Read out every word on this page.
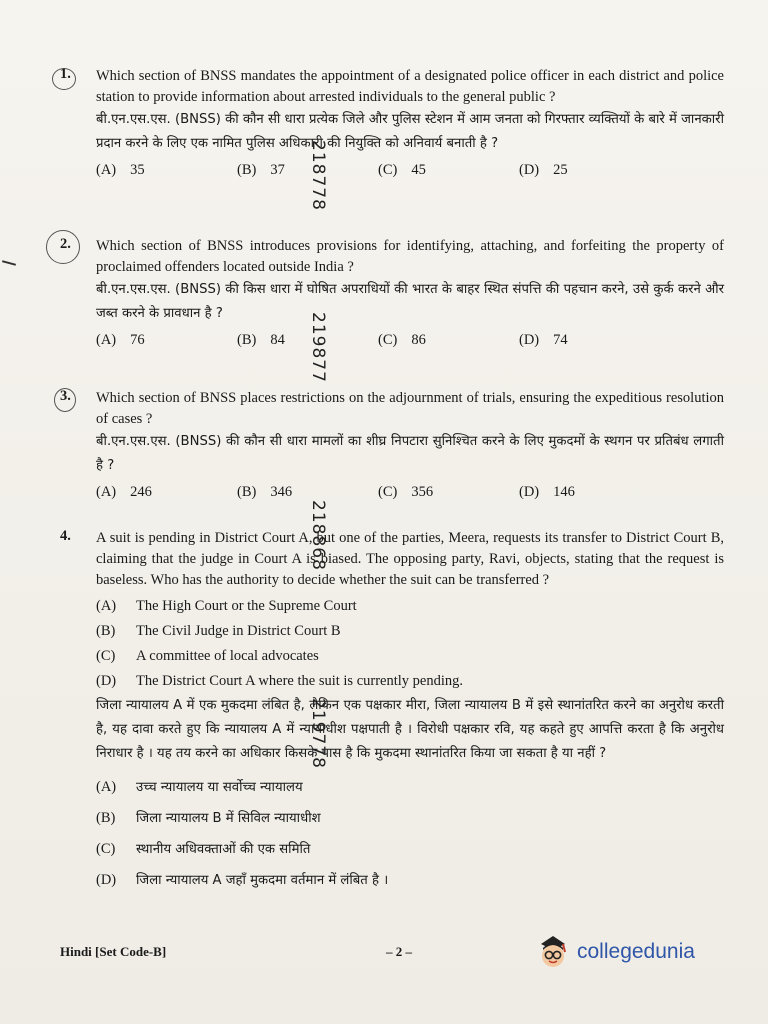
1. Which section of BNSS mandates the appointment of a designated police officer in each district and police station to provide information about arrested individuals to the general public ?
बी.एन.एस.एस. (BNSS) की कौन सी धारा प्रत्येक जिले और पुलिस स्टेशन में आम जनता को गिरफ्तार व्यक्तियों के बारे में जानकारी प्रदान करने के लिए एक नामित पुलिस अधिकारी की नियुक्ति को अनिवार्य बनाती है ?
(A) 35	(B) 37	(C) 45	(D) 25
2. Which section of BNSS introduces provisions for identifying, attaching, and forfeiting the property of proclaimed offenders located outside India ?
बी.एन.एस.एस. (BNSS) की किस धारा में घोषित अपराधियों की भारत के बाहर स्थित संपत्ति की पहचान करने, उसे कुर्क करने और जब्त करने के प्रावधान है ?
(A) 76	(B) 84	(C) 86	(D) 74
3. Which section of BNSS places restrictions on the adjournment of trials, ensuring the expeditious resolution of cases ?
बी.एन.एस.एस. (BNSS) की कौन सी धारा मामलों का शीघ्र निपटारा सुनिश्चित करने के लिए मुकदमों के स्थगन पर प्रतिबंध लगाती है ?
(A) 246	(B) 346	(C) 356	(D) 146
4. A suit is pending in District Court A, but one of the parties, Meera, requests its transfer to District Court B, claiming that the judge in Court A is biased. The opposing party, Ravi, objects, stating that the request is baseless. Who has the authority to decide whether the suit can be transferred ?
(A) The High Court or the Supreme Court
(B) The Civil Judge in District Court B
(C) A committee of local advocates
(D) The District Court A where the suit is currently pending.
जिला न्यायालय A में एक मुकदमा लंबित है, लेकिन एक पक्षकार मीरा, जिला न्यायालय B में इसे स्थानांतरित करने का अनुरोध करती है, यह दावा करते हुए कि न्यायालय A में न्यायाधीश पक्षपाती है । विरोधी पक्षकार रवि, यह कहते हुए आपत्ति करता है कि अनुरोध निराधार है । यह तय करने का अधिकार किसके पास है कि मुकदमा स्थानांतरित किया जा सकता है या नहीं ?
(A) उच्च न्यायालय या सर्वोच्च न्यायालय
(B) जिला न्यायालय B में सिविल न्यायाधीश
(C) स्थानीय अधिवक्ताओं की एक समिति
(D) जिला न्यायालय A जहाँ मुकदमा वर्तमान में लंबित है ।
218778
219877
218868
219778
Hindi [Set Code-B]	– 2 –	collegedunia
